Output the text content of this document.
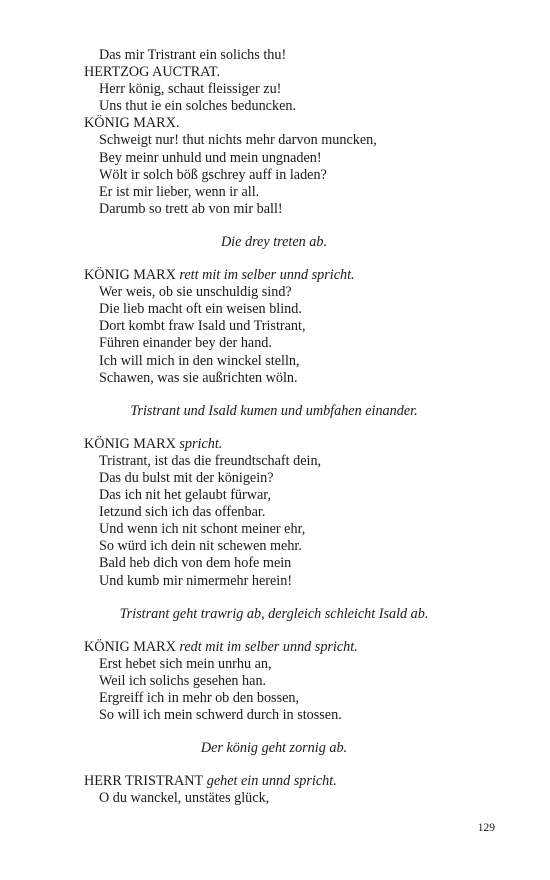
Das mir Tristrant ein solichs thu!
HERTZOG AUCTRAT.
Herr könig, schaut fleissiger zu!
Uns thut ie ein solches beduncken.
KÖNIG MARX.
Schweigt nur! thut nichts mehr darvon muncken,
Bey meinr unhuld und mein ungnaden!
Wölt ir solch böß gschrey auff in laden?
Er ist mir lieber, wenn ir all.
Darumb so trett ab von mir ball!
Die drey treten ab.
KÖNIG MARX rett mit im selber unnd spricht.
Wer weis, ob sie unschuldig sind?
Die lieb macht oft ein weisen blind.
Dort kombt fraw Isald und Tristrant,
Führen einander bey der hand.
Ich will mich in den winckel stelln,
Schawen, was sie außrichten wöln.
Tristrant und Isald kumen und umbfahen einander.
KÖNIG MARX spricht.
Tristrant, ist das die freundtschaft dein,
Das du bulst mit der königein?
Das ich nit het gelaubt fürwar,
Ietzund sich ich das offenbar.
Und wenn ich nit schont meiner ehr,
So würd ich dein nit schewen mehr.
Bald heb dich von dem hofe mein
Und kumb mir nimermehr herein!
Tristrant geht trawrig ab, dergleich schleicht Isald ab.
KÖNIG MARX redt mit im selber unnd spricht.
Erst hebet sich mein unrhu an,
Weil ich solichs gesehen han.
Ergreiff ich in mehr ob den bossen,
So will ich mein schwerd durch in stossen.
Der könig geht zornig ab.
HERR TRISTRANT gehet ein unnd spricht.
O du wanckel, unstätes glück,
129
